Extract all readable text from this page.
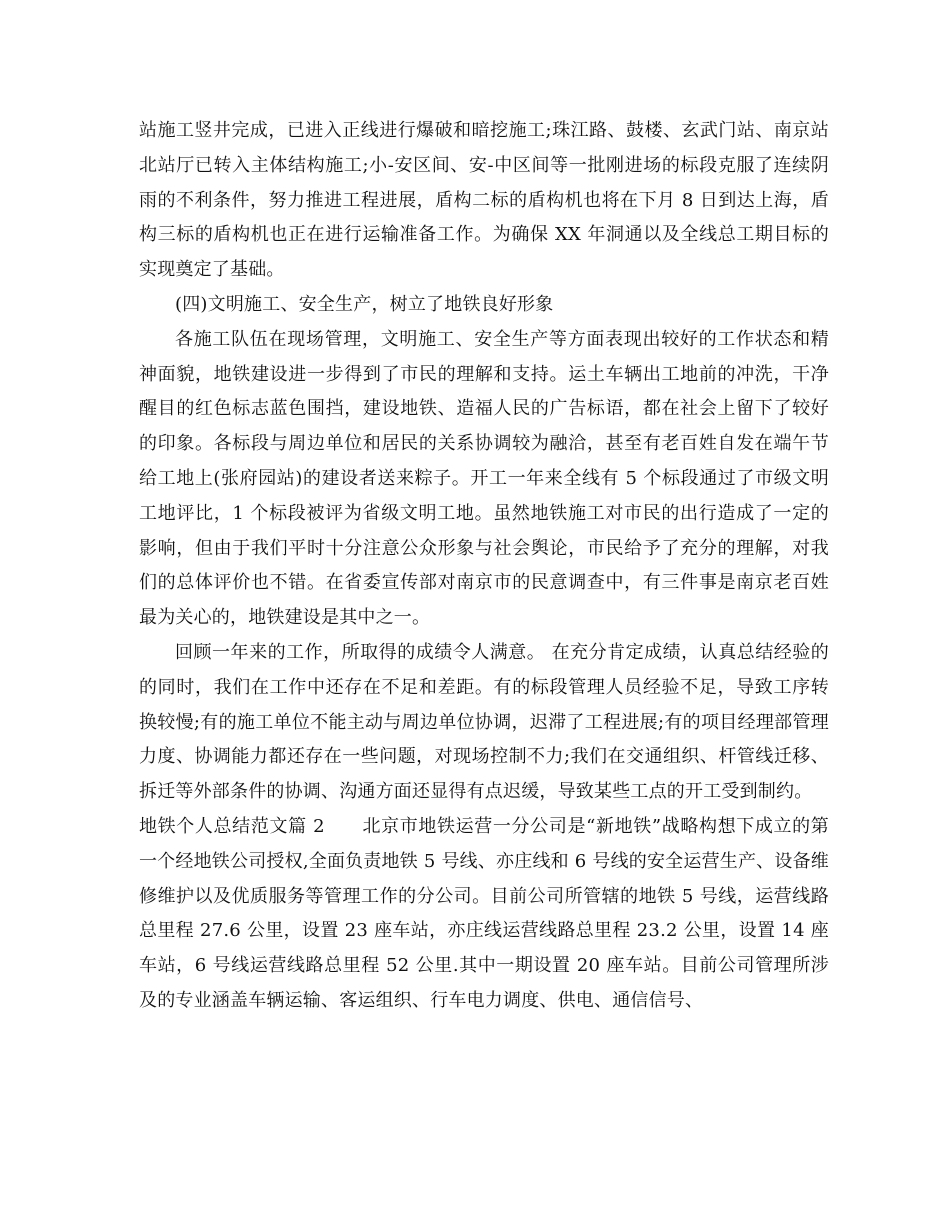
站施工竖井完成，已进入正线进行爆破和暗挖施工;珠江路、鼓楼、玄武门站、南京站北站厅已转入主体结构施工;小-安区间、安-中区间等一批刚进场的标段克服了连续阴雨的不利条件，努力推进工程进展，盾构二标的盾构机也将在下月 8 日到达上海，盾构三标的盾构机也正在进行运输准备工作。为确保 XX 年洞通以及全线总工期目标的实现奠定了基础。

(四)文明施工、安全生产，树立了地铁良好形象

各施工队伍在现场管理，文明施工、安全生产等方面表现出较好的工作状态和精神面貌，地铁建设进一步得到了市民的理解和支持。运土车辆出工地前的冲洗，干净醒目的红色标志蓝色围挡，建设地铁、造福人民的广告标语，都在社会上留下了较好的印象。各标段与周边单位和居民的关系协调较为融洽，甚至有老百姓自发在端午节给工地上(张府园站)的建设者送来粽子。开工一年来全线有 5 个标段通过了市级文明工地评比，1 个标段被评为省级文明工地。虽然地铁施工对市民的出行造成了一定的影响，但由于我们平时十分注意公众形象与社会舆论，市民给予了充分的理解，对我们的总体评价也不错。在省委宣传部对南京市的民意调查中，有三件事是南京老百姓最为关心的，地铁建设是其中之一。

回顾一年来的工作，所取得的成绩令人满意。 在充分肯定成绩，认真总结经验的的同时，我们在工作中还存在不足和差距。有的标段管理人员经验不足，导致工序转换较慢;有的施工单位不能主动与周边单位协调，迟滞了工程进展;有的项目经理部管理力度、协调能力都还存在一些问题，对现场控制不力;我们在交通组织、杆管线迁移、拆迁等外部条件的协调、沟通方面还显得有点迟缓，导致某些工点的开工受到制约。

地铁个人总结范文篇 2　　北京市地铁运营一分公司是“新地铁”战略构想下成立的第一个经地铁公司授权,全面负责地铁 5 号线、亦庄线和 6 号线的安全运营生产、设备维修维护以及优质服务等管理工作的分公司。目前公司所管辖的地铁 5 号线，运营线路总里程 27.6 公里，设置 23 座车站，亦庄线运营线路总里程 23.2 公里，设置 14 座车站，6 号线运营线路总里程 52 公里.其中一期设置 20 座车站。目前公司管理所涉及的专业涵盖车辆运输、客运组织、行车电力调度、供电、通信信号、
